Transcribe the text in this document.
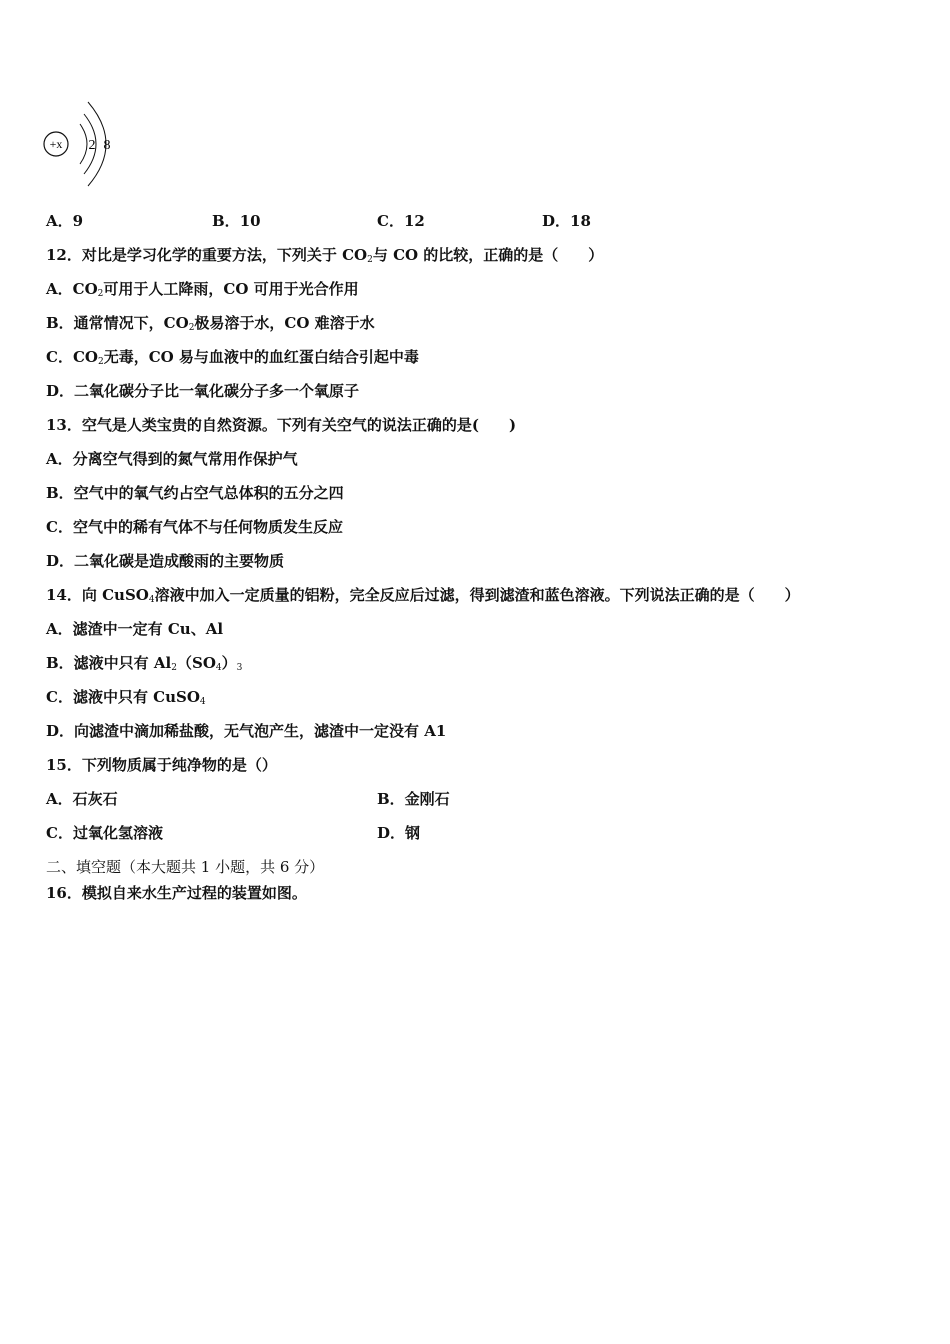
+x 2 8
A．9	B．10	C．12	D．18
12．对比是学习化学的重要方法，下列关于 $CO_2$与 CO 的比较，正确的是（　　）
A．$CO_2$可用于人工降雨，CO 可用于光合作用
B．通常情况下，$CO_2$极易溶于水，CO 难溶于水
C．$CO_2$无毒，CO 易与血液中的血红蛋白结合引起中毒
D．二氧化碳分子比一氧化碳分子多一个氧原子
13．空气是人类宝贵的自然资源。下列有关空气的说法正确的是(　　)
A．分离空气得到的氮气常用作保护气
B．空气中的氧气约占空气总体积的五分之四
C．空气中的稀有气体不与任何物质发生反应
D．二氧化碳是造成酸雨的主要物质
14．向 CuSO$_4$溶液中加入一定质量的铝粉，完全反应后过滤，得到滤渣和蓝色溶液。下列说法正确的是（　　）
A．滤渣中一定有 Cu、Al
B．滤液中只有 $Al_2(SO_4)_3$
C．滤液中只有 CuSO$_4$
D．向滤渣中滴加稀盐酸，无气泡产生，滤渣中一定没有 A1
15．下列物质属于纯净物的是（）
A．石灰石	B．金刚石
C．过氧化氢溶液	D．钢
二、填空题（本大题共 1 小题，共 6 分）
16．模拟自来水生产过程的装置如图。
